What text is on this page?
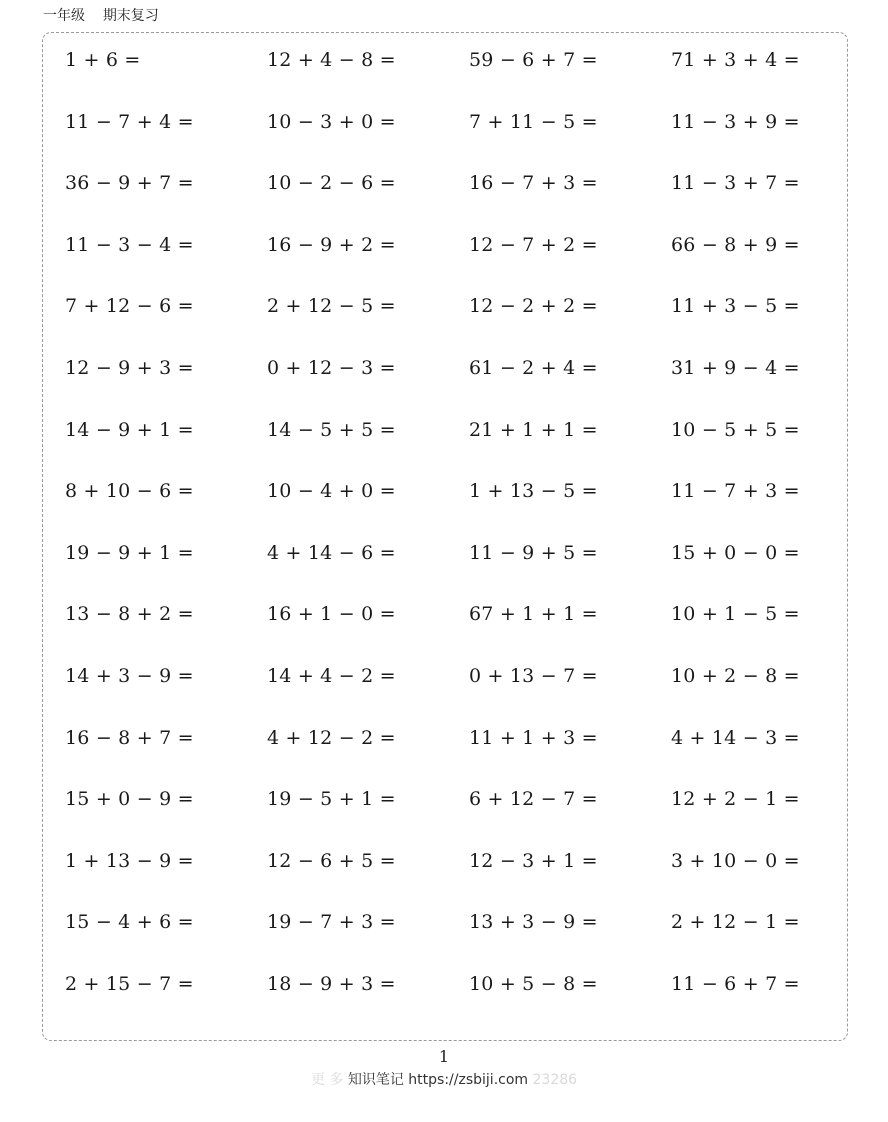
一年级 期末复习
1 + 6 =	12 + 4 − 8 =	59 − 6 + 7 =	71 + 3 + 4 =
11 − 7 + 4 =	10 − 3 + 0 =	7 + 11 − 5 =	11 − 3 + 9 =
36 − 9 + 7 =	10 − 2 − 6 =	16 − 7 + 3 =	11 − 3 + 7 =
11 − 3 − 4 =	16 − 9 + 2 =	12 − 7 + 2 =	66 − 8 + 9 =
7 + 12 − 6 =	2 + 12 − 5 =	12 − 2 + 2 =	11 + 3 − 5 =
12 − 9 + 3 =	0 + 12 − 3 =	61 − 2 + 4 =	31 + 9 − 4 =
14 − 9 + 1 =	14 − 5 + 5 =	21 + 1 + 1 =	10 − 5 + 5 =
8 + 10 − 6 =	10 − 4 + 0 =	1 + 13 − 5 =	11 − 7 + 3 =
19 − 9 + 1 =	4 + 14 − 6 =	11 − 9 + 5 =	15 + 0 − 0 =
13 − 8 + 2 =	16 + 1 − 0 =	67 + 1 + 1 =	10 + 1 − 5 =
14 + 3 − 9 =	14 + 4 − 2 =	0 + 13 − 7 =	10 + 2 − 8 =
16 − 8 + 7 =	4 + 12 − 2 =	11 + 1 + 3 =	4 + 14 − 3 =
15 + 0 − 9 =	19 − 5 + 1 =	6 + 12 − 7 =	12 + 2 − 1 =
1 + 13 − 9 =	12 − 6 + 5 =	12 − 3 + 1 =	3 + 10 − 0 =
15 − 4 + 6 =	19 − 7 + 3 =	13 + 3 − 9 =	2 + 12 − 1 =
2 + 15 − 7 =	18 − 9 + 3 =	10 + 5 − 8 =	11 − 6 + 7 =
1
更 多 知识笔记 https://zsbiji.com 23286
